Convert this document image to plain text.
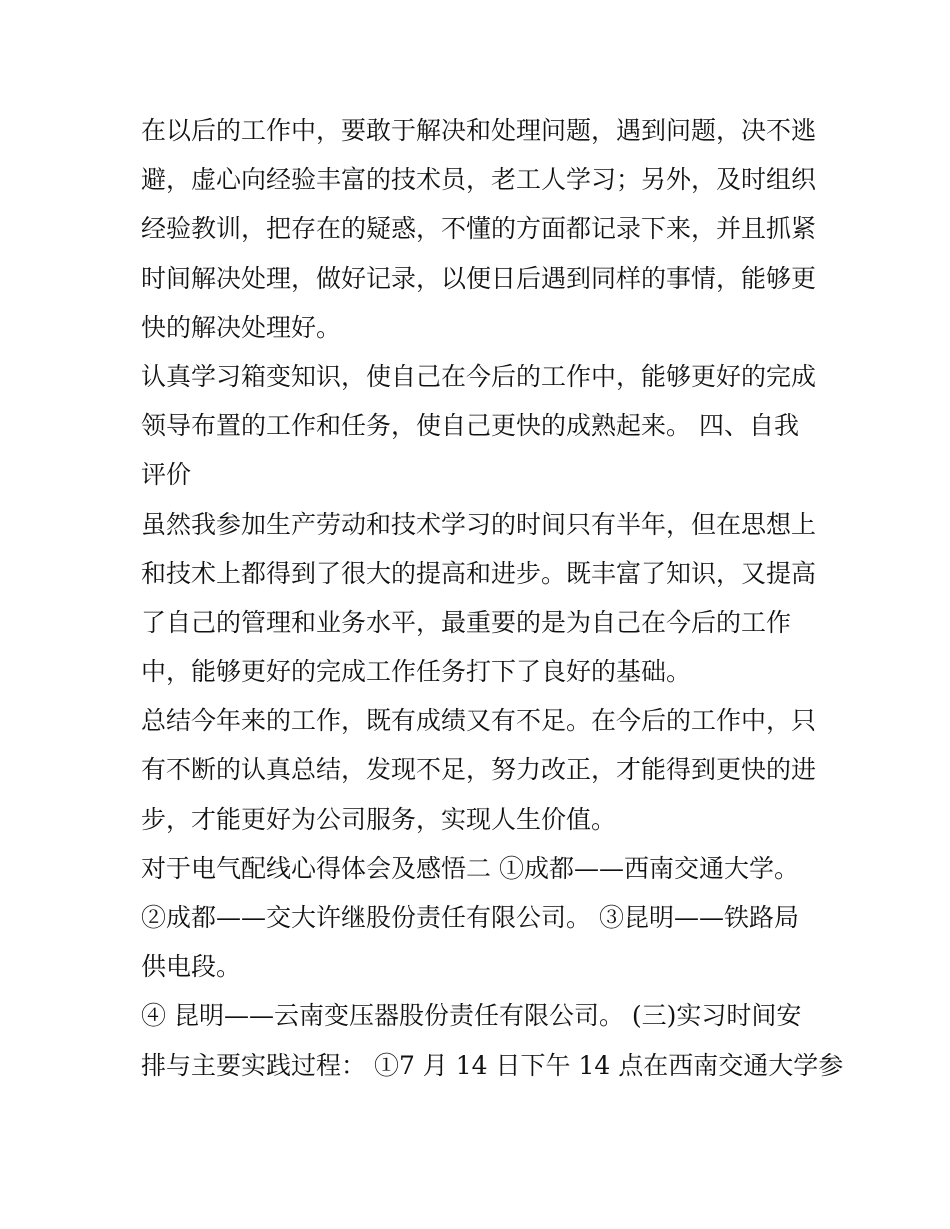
在以后的工作中，要敢于解决和处理问题，遇到问题，决不逃
避，虚心向经验丰富的技术员，老工人学习；另外，及时组织
经验教训，把存在的疑惑，不懂的方面都记录下来，并且抓紧
时间解决处理，做好记录，以便日后遇到同样的事情，能够更
快的解决处理好。
认真学习箱变知识，使自己在今后的工作中，能够更好的完成
领导布置的工作和任务，使自己更快的成熟起来。 四、自我
评价
虽然我参加生产劳动和技术学习的时间只有半年，但在思想上
和技术上都得到了很大的提高和进步。既丰富了知识，又提高
了自己的管理和业务水平，最重要的是为自己在今后的工作
中，能够更好的完成工作任务打下了良好的基础。
总结今年来的工作，既有成绩又有不足。在今后的工作中，只
有不断的认真总结，发现不足，努力改正，才能得到更快的进
步，才能更好为公司服务，实现人生价值。
对于电气配线心得体会及感悟二 ①成都——西南交通大学。
②成都——交大许继股份责任有限公司。 ③昆明——铁路局
供电段。
④ 昆明——云南变压器股份责任有限公司。 (三)实习时间安
排与主要实践过程： ①7 月 14 日下午 14 点在西南交通大学参
